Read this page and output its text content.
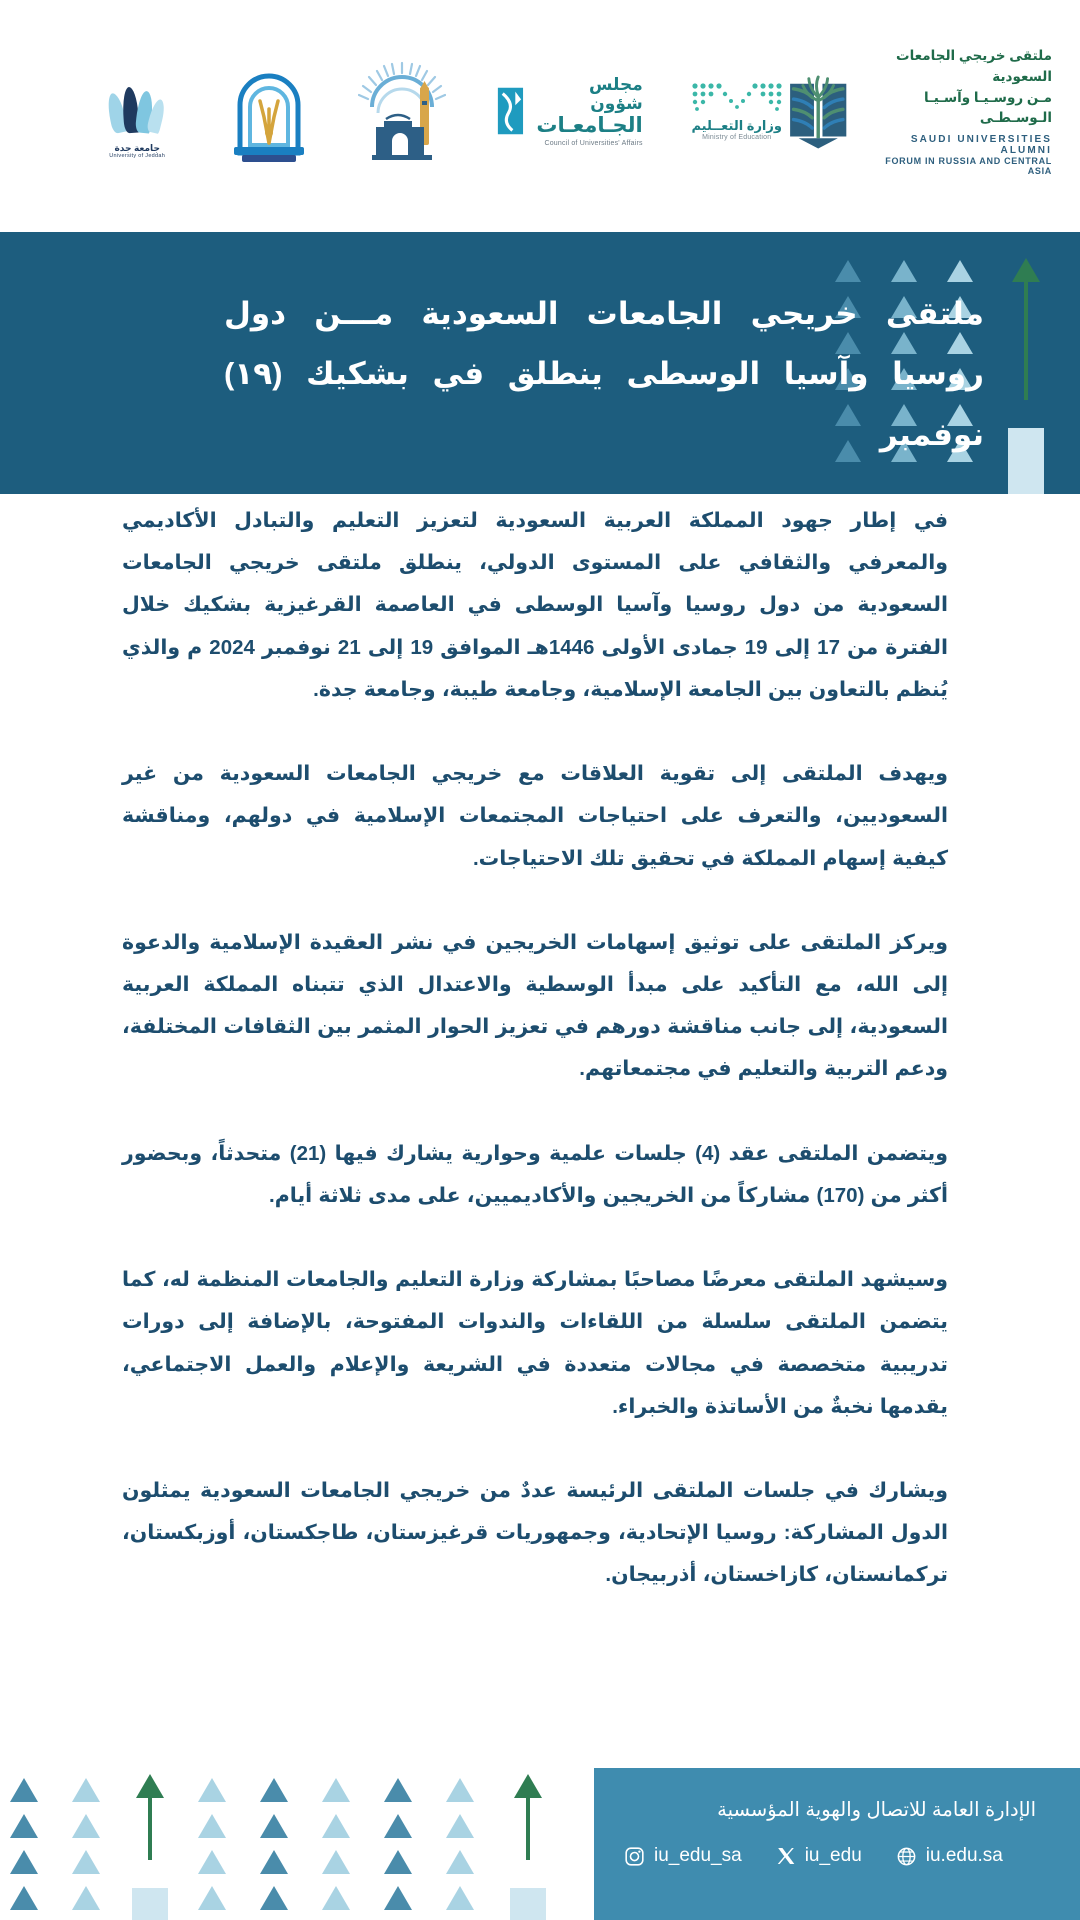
جامعة جدة
University of Jeddah
مجلس شؤون
الجـامعـات
Council of Universities' Affairs
وزارة التعــليم
Ministry of Education
ملتقى خريجي الجامعات السعودية
مـن روسـيـا وآسـيـا الـوسـطـى
SAUDI UNIVERSITIES ALUMNI
FORUM IN RUSSIA AND CENTRAL ASIA
ملتقى خريجي الجامعات السعودية مـــن دول
روسيا وآسيا الوسطى ينطلق في بشكيك (١٩) نوفمبر

في إطار جهود المملكة العربية السعودية لتعزيز التعليم والتبادل الأكاديمي والمعرفي والثقافي على المستوى الدولي، ينطلق ملتقى خريجي الجامعات السعودية من دول روسيا وآسيا الوسطى في العاصمة القرغيزية بشكيك خلال الفترة من 17 إلى 19 جمادى الأولى 1446هـ الموافق 19 إلى 21 نوفمبر 2024 م والذي يُنظم بالتعاون بين الجامعة الإسلامية، وجامعة طيبة، وجامعة جدة.

ويهدف الملتقى إلى تقوية العلاقات مع خريجي الجامعات السعودية من غير السعوديين، والتعرف على احتياجات المجتمعات الإسلامية في دولهم، ومناقشة كيفية إسهام المملكة في تحقيق تلك الاحتياجات.

ويركز الملتقى على توثيق إسهامات الخريجين في نشر العقيدة الإسلامية والدعوة إلى الله، مع التأكيد على مبدأ الوسطية والاعتدال الذي تتبناه المملكة العربية السعودية، إلى جانب مناقشة دورهم في تعزيز الحوار المثمر بين الثقافات المختلفة، ودعم التربية والتعليم في مجتمعاتهم.

ويتضمن الملتقى عقد (4) جلسات علمية وحوارية يشارك فيها (21) متحدثاً، وبحضور أكثر من (170) مشاركاً من الخريجين والأكاديميين، على مدى ثلاثة أيام.

وسيشهد الملتقى معرضًا مصاحبًا بمشاركة وزارة التعليم والجامعات المنظمة له، كما يتضمن الملتقى سلسلة من اللقاءات والندوات المفتوحة، بالإضافة إلى دورات تدريبية متخصصة في مجالات متعددة في الشريعة والإعلام والعمل الاجتماعي، يقدمها نخبةٌ من الأساتذة والخبراء.

ويشارك في جلسات الملتقى الرئيسة عددٌ من خريجي الجامعات السعودية يمثلون الدول المشاركة: روسيا الإتحادية، وجمهوريات قرغيزستان، طاجكستان، أوزبكستان، تركمانستان، كازاخستان، أذربيجان.

الإدارة العامة للاتصال والهوية المؤسسية
iu_edu_sa	iu_edu	iu.edu.sa
